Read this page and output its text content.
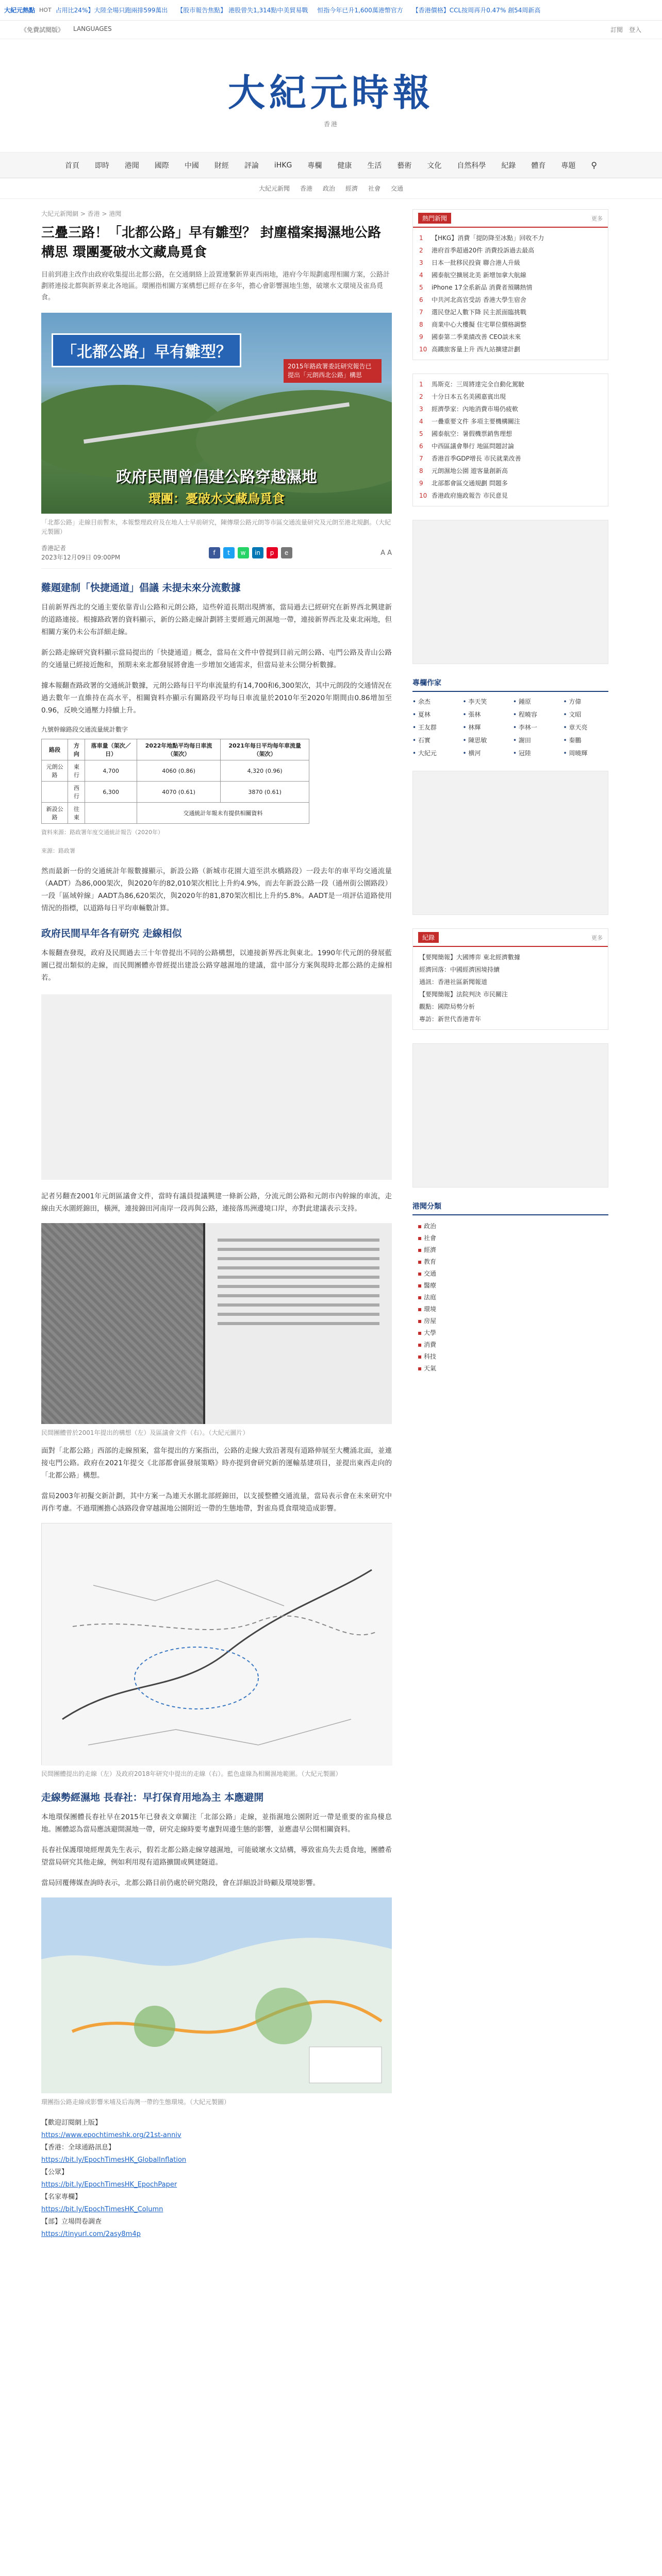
大紀元熱點 HOT 占用比24%】大陸全場只跑兩排599萬出 【股市報告焦點】 港股曾失1,314點中美貿易戰 恒指今年已升1,600萬港幣官方 【香港價格】CCL按周再升0.47% 創54周新高
《免費試閱版》 LANGUAGES	訂閱 登入
大紀元時報
香港
首頁 即時 港聞 國際 中國 財經 評論 iHKG 專欄 健康 生活 藝術 文化 自然科學 紀錄 體育 專題 ⚲
大紀元新聞 香港 政治 經濟 社會 交通
大紀元新聞網 > 香港 > 港聞
三疊三路！「北都公路」早有雛型？ 封塵檔案揭濕地公路構思 環團憂破水文藏鳥覓食

目前到港主改作由政府收集提出北都公路，在交通網絡上設置連繫新界東西兩地，港府今年規劃處理相關方案，公路計劃將連接北都與新界東北各地區。環團指相關方案構想已經存在多年，擔心會影響濕地生態，破壞水文環境及雀鳥覓食。

「北都公路」早有雛型？
2015年路政署委託研究報告已提出「元朗西北公路」構思
政府民間曾倡建公路穿越濕地
環團：憂破水文藏鳥覓食
「北都公路」走線目前暫未，本報整理政府及在地人士早前研究，陳傳環公路元朗等市區交通流量研究及元朗至港北規劃。（大紀元製圖）
香港記者
2023年12月09日 09:00PM
f	t	w	in	p	e	A A
難題建制「快捷通道」倡議 未提未來分流數據

目前新界西北的交通主要依靠青山公路和元朗公路，這些幹道長期出現擠塞，當局過去已經研究在新界西北興建新的道路連接。根據路政署的資料顯示，新的公路走線計劃將主要經過元朗濕地一帶，連接新界西北及東北兩地，但相關方案仍未公布詳細走線。

新公路走線研究資料顯示當局提出的「快捷通道」概念，當局在文件中曾提到目前元朗公路、屯門公路及青山公路的交通量已經接近飽和，預期未來北都發展將會進一步增加交通需求，但當局並未公開分析數據。

據本報翻查路政署的交通統計數據，元朗公路每日平均車流量約有14,700和6,300架次，其中元朗段的交通情況在過去數年一直維持在高水平，相關資料亦顯示有關路段平均每日車流量於2010年至2020年期間由0.86增加至0.96，反映交通壓力持續上升。

九號幹線路段交通流量統計數字
路段	方向	落車量（架次／日）	2022年地點平均每日車流（架次）	2021年每日平均每年車流量（架次）
元朗公路	東行	4,700	4060 (0.86)	4,320 (0.96)
	西行	6,300	4070 (0.61)	3870 (0.61)
新設公路	往東		交通統計年報未有提供相關資料	
資料來源：路政署年度交通統計報告（2020年）
來源：路政署

然而最新一份的交通統計年報數據顯示，新設公路（新城市花園大道至洪水橋路段）一段去年的車平均交通流量（AADT）為86,000架次，與2020年的82,010架次相比上升約4.9%，而去年新設公路一段（通州街公園路段）一段「區域幹線」AADT為86,620架次，與2020年的81,870架次相比上升約5.8%。AADT是一項評估道路使用情況的指標，以道路每日平均車輛數計算。

政府民間早年各有研究 走線相似

本報翻查發現，政府及民間過去三十年曾提出不同的公路構想，以連接新界西北與東北。1990年代元朗的發展藍圖已提出類似的走線，而民間團體亦曾經提出建設公路穿越濕地的建議，當中部分方案與現時北都公路的走線相若。

記者另翻查2001年元朗區議會文件，當時有議員提議興建一條新公路，分流元朗公路和元朗市內幹線的車流，走線由天水圍經錦田，橫洲，連接錦田河南岸一段再與公路，連接落馬洲邊境口岸，亦對此建議表示支持。

民間團體曾於2001年提出的構想（左）及區議會文件（右）。（大紀元圖片）

面對「北都公路」西部的走線預案，當年提出的方案指出，公路的走線大致沿著現有道路伸展至大欖涌北面，並連接屯門公路。政府在2021年提交《北部都會區發展策略》時亦提到會研究新的運輸基建項目，並提出東西走向的「北都公路」構想。

當局2003年初擬交新計劃，其中方案一為連天水圍北部經錦田，以支援整體交通流量，當局表示會在未來研究中再作考慮。不過環團擔心該路段會穿越濕地公園附近一帶的生態地帶，對雀鳥覓食環境造成影響。

民間團體提出的走線（左）及政府2018年研究中提出的走線（右）。藍色虛線為相關濕地範圍。（大紀元製圖）
走線勢經濕地 長春社：早打保育用地為主 本應避開

本地環保團體長春社早在2015年已發表文章關注「北部公路」走線，並指濕地公園附近一帶是重要的雀鳥棲息地。團體認為當局應該避開濕地一帶，研究走線時要考慮對周邊生態的影響，並應盡早公開相關資料。

長春社保護環境經理黃先生表示，假若北都公路走線穿越濕地，可能破壞水文結構，導致雀鳥失去覓食地，團體希望當局研究其他走線，例如利用現有道路擴闊或興建隧道。

當局回覆傳媒查詢時表示，北都公路目前仍處於研究階段，會在詳細設計時顧及環境影響。

環團指公路走線或影響米埔及后海灣一帶的生態環境。（大紀元製圖）
【歡迎訂閱網上版】
https://www.epochtimeshk.org/21st-anniv
【香港：全球通路訊息】
https://bit.ly/EpochTimesHK_GlobalInflation
【公眾】
https://bit.ly/EpochTimesHK_EpochPaper
【名家專欄】
https://bit.ly/EpochTimesHK_Column
【部】立場問卷調查
https://tinyurl.com/2asy8m4p
熱門新聞	更多
1	【HKG】消費「提防降至冰點」回收不力
2	港府首季超過20件 消費投訴過去最高
3	日本一批移民投資 聯合港人升級
4	國泰航空擴展北美 新增加拿大航線
5	iPhone 17全系新品 消費者預購熱情
6	中共河北高官受訪 香港大學生宿舍
7	選民登記人數下降 民主派面臨挑戰
8	商業中心大樓擬 住宅單位價格調整
9	國泰第二季業績改善 CEO談未來
10 高鐵旅客量上升 西九站擴建計劃
1	馬斯克：三周將達完全自動化駕駛
2	十分日本五名美國嘉賓出現
3	經濟學家：內地消費市場仍疲軟
4	一疊重要文件 多項主要機構關注
5	國泰航空：暑假機票銷售理想
6	中西區議會舉行 地區問題討論
7	香港首季GDP增長 市民就業改善
8	元朗濕地公園 遊客量創新高
9	北部都會區交通規劃 問題多
10 香港政府施政報告 市民意見
專欄作家
• 余杰	• 李天笑	• 鍾原	• 方偉
• 夏林	• 張林	• 程曉容	• 文昭
• 王友群	• 林輝	• 李林一	• 章天亮
• 石實	• 陳思敏	• 謝田	• 秦鵬
• 大紀元	• 横河	• 冠陸	• 周曉輝
紀錄	更多
【要聞簡報】大國博弈 東北經濟數據
經濟回落：中國經濟困境持續
通訊：香港社區新聞報道
【要聞簡報】法院判決 市民關注
觀點：國際局勢分析
專訪：新世代香港青年
港聞分類
▪ 政治
▪ 社會
▪ 經濟
▪ 教育
▪ 交通
▪ 醫療
▪ 法庭
▪ 環境
▪ 房屋
▪ 大學
▪ 消費
▪ 科技
▪ 天氣
